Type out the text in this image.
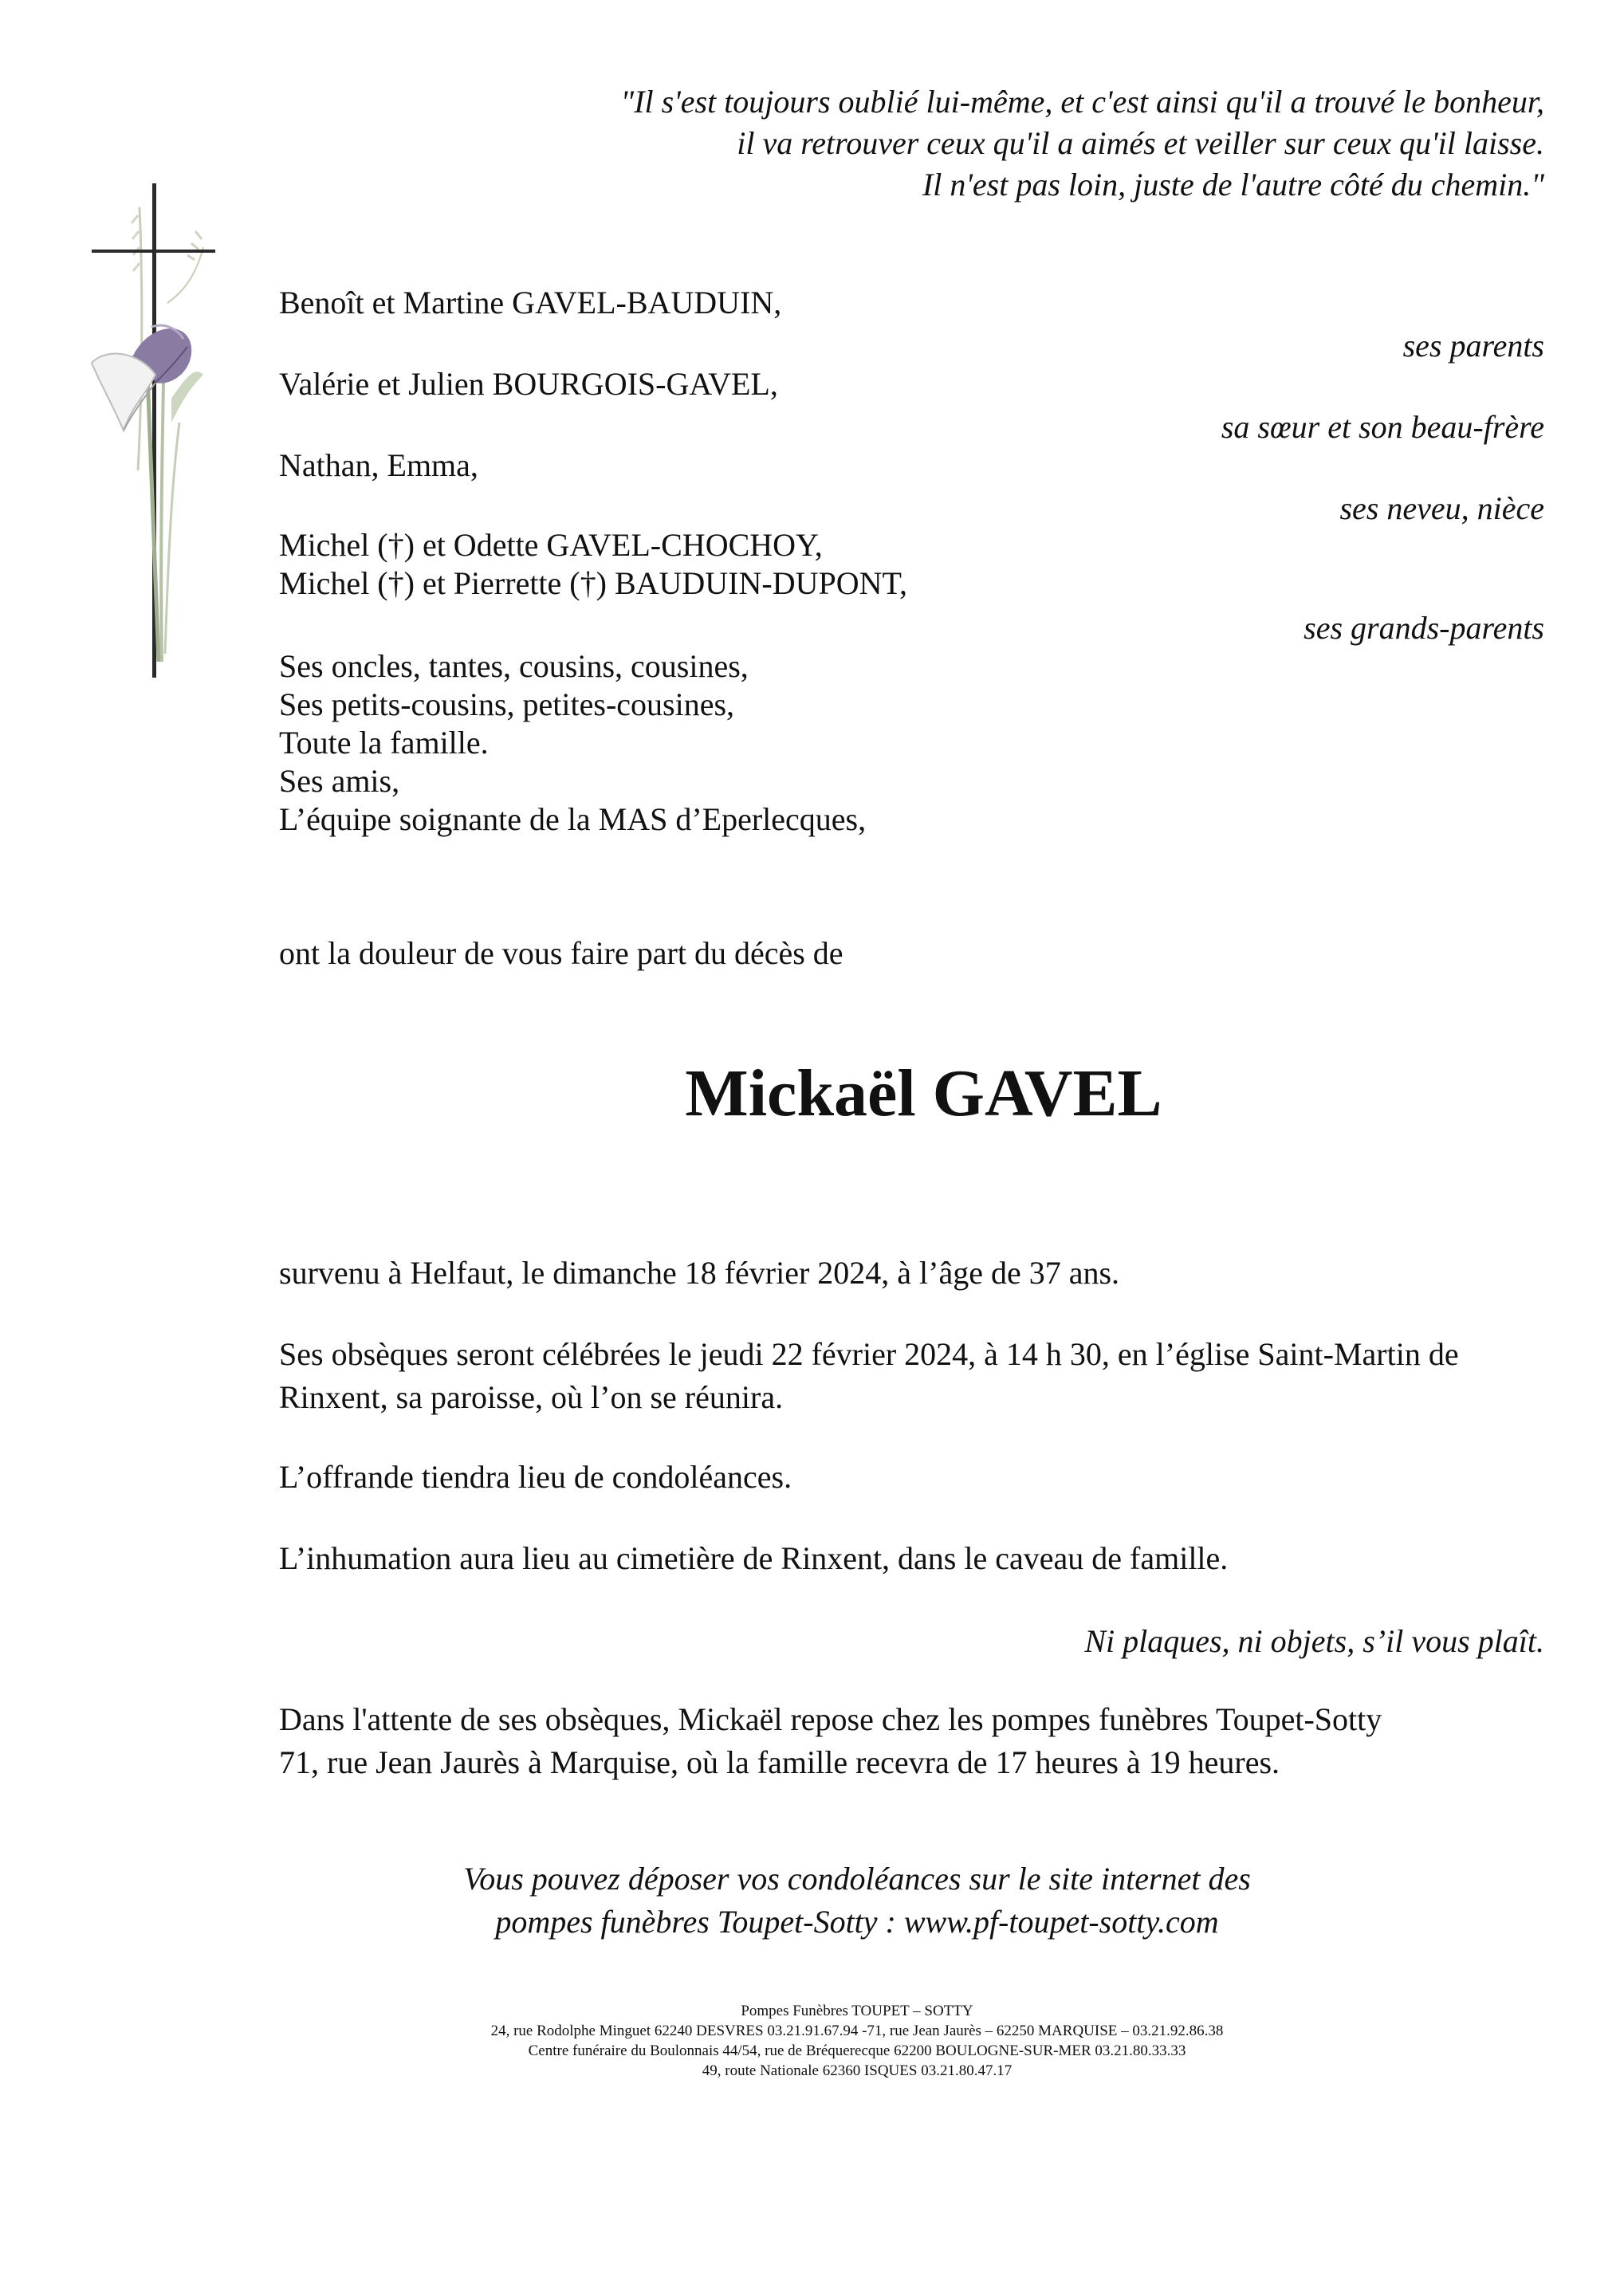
"Il s'est toujours oublié lui-même, et c'est ainsi qu'il a trouvé le bonheur,
il va retrouver ceux qu'il a aimés et veiller sur ceux qu'il laisse.
Il n'est pas loin, juste de l'autre côté du chemin."
Benoît et Martine GAVEL-BAUDUIN,
ses parents
Valérie et Julien BOURGOIS-GAVEL,
sa sœur et son beau-frère
Nathan, Emma,
ses neveu, nièce
Michel (†) et Odette GAVEL-CHOCHOY,
Michel (†) et Pierrette (†) BAUDUIN-DUPONT,
ses grands-parents
Ses oncles, tantes, cousins, cousines,
Ses petits-cousins, petites-cousines,
Toute la famille.
Ses amis,
L’équipe soignante de la MAS d’Eperlecques,
ont la douleur de vous faire part du décès de
Mickaël GAVEL
survenu à Helfaut, le dimanche 18 février 2024, à l’âge de 37 ans.
Ses obsèques seront célébrées le jeudi 22 février 2024, à 14 h 30, en l’église Saint-Martin de Rinxent, sa paroisse, où l’on se réunira.
L’offrande tiendra lieu de condoléances.
L’inhumation aura lieu au cimetière de Rinxent, dans le caveau de famille.
Ni plaques, ni objets, s’il vous plaît.
Dans l'attente de ses obsèques, Mickaël repose chez les pompes funèbres Toupet-Sotty
71, rue Jean Jaurès à Marquise, où la famille recevra de 17 heures à 19 heures.
Vous pouvez déposer vos condoléances sur le site internet des
pompes funèbres Toupet-Sotty : www.pf-toupet-sotty.com
Pompes Funèbres TOUPET – SOTTY
24, rue Rodolphe Minguet 62240 DESVRES 03.21.91.67.94 -71, rue Jean Jaurès – 62250 MARQUISE – 03.21.92.86.38
Centre funéraire du Boulonnais 44/54, rue de Bréquerecque 62200 BOULOGNE-SUR-MER 03.21.80.33.33
49, route Nationale 62360 ISQUES 03.21.80.47.17
